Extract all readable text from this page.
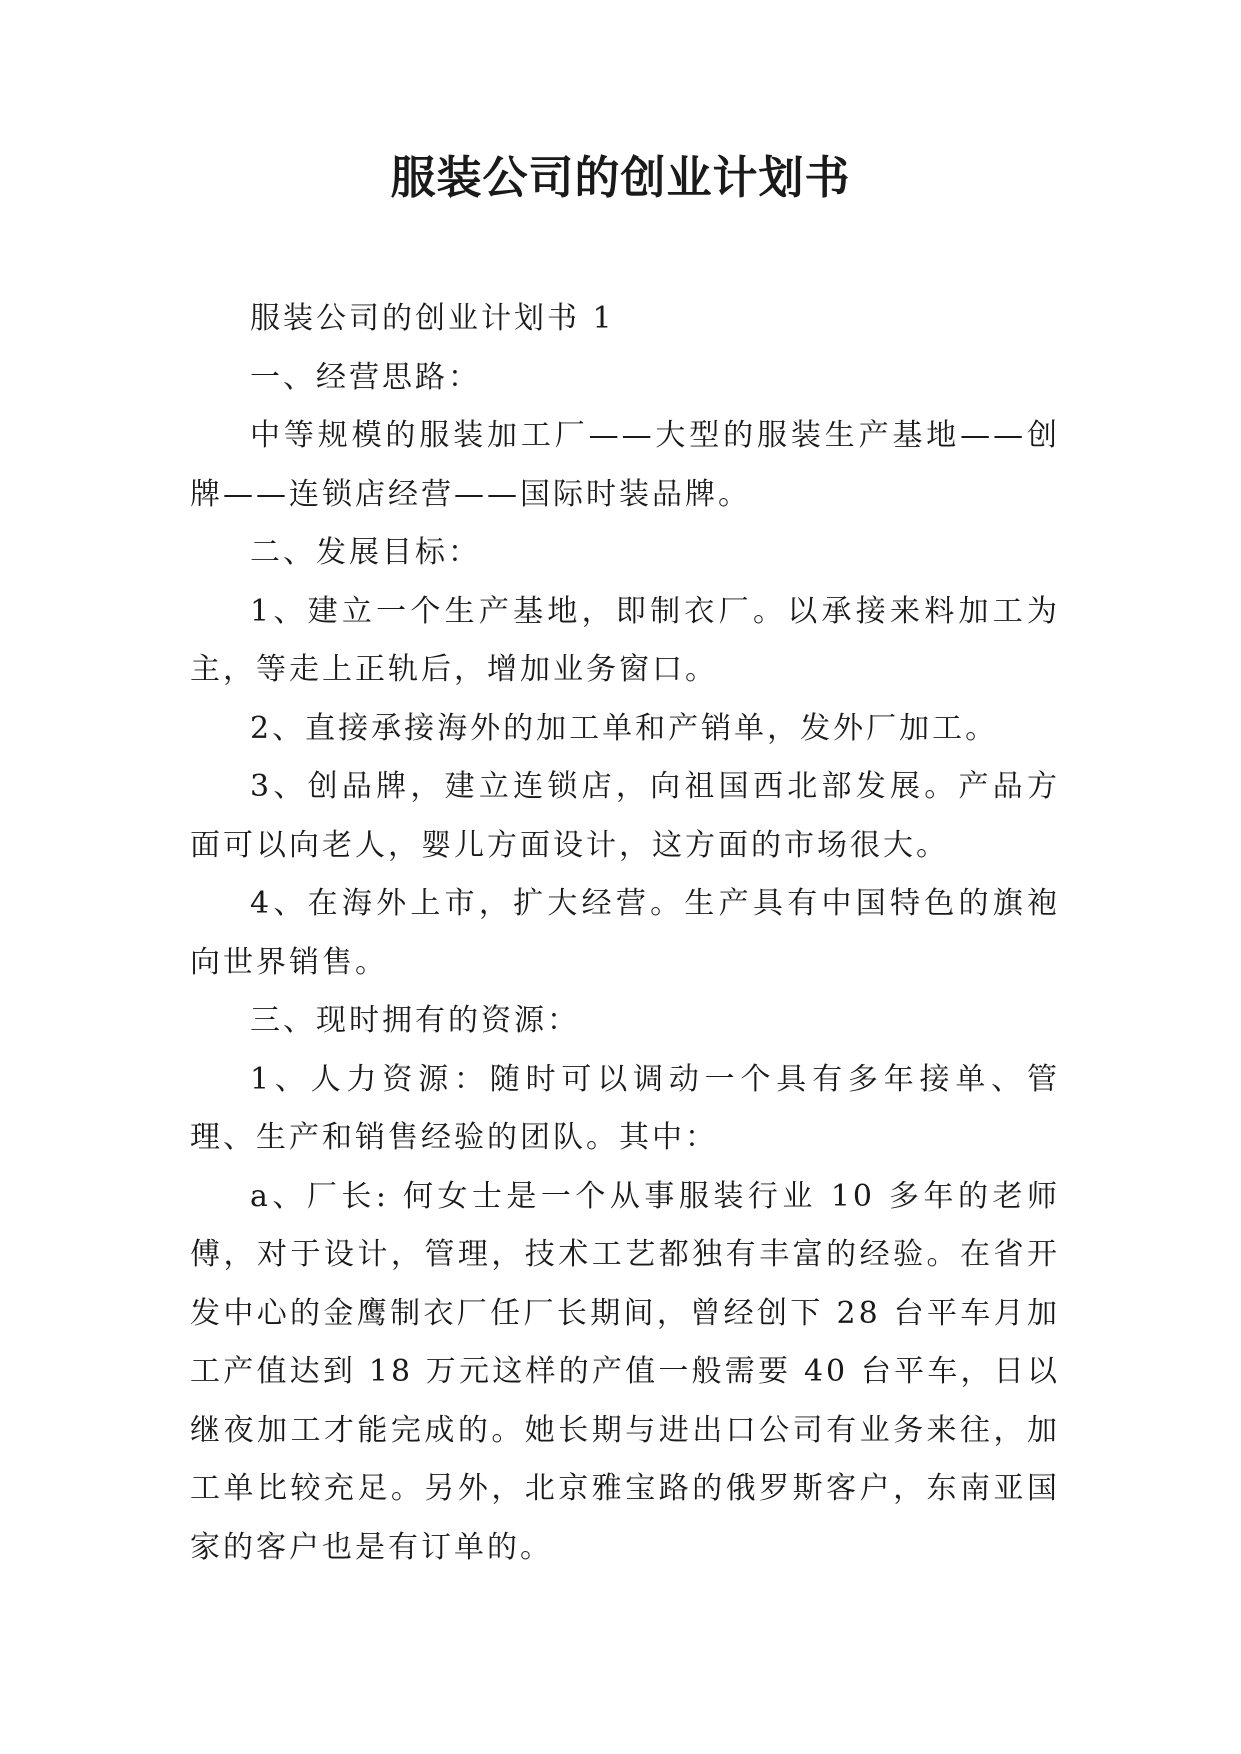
服装公司的创业计划书

服装公司的创业计划书 1

一、经营思路：

中等规模的服装加工厂——大型的服装生产基地——创牌——连锁店经营——国际时装品牌。

二、发展目标：

1、建立一个生产基地，即制衣厂。以承接来料加工为主，等走上正轨后，增加业务窗口。

2、直接承接海外的加工单和产销单，发外厂加工。

3、创品牌，建立连锁店，向祖国西北部发展。产品方面可以向老人，婴儿方面设计，这方面的市场很大。

4、在海外上市，扩大经营。生产具有中国特色的旗袍向世界销售。

三、现时拥有的资源：

1、人力资源：随时可以调动一个具有多年接单、管理、生产和销售经验的团队。其中：

a、厂长: 何女士是一个从事服装行业 10 多年的老师傅，对于设计，管理，技术工艺都独有丰富的经验。在省开发中心的金鹰制衣厂任厂长期间，曾经创下 28 台平车月加工产值达到 18 万元这样的产值一般需要 40 台平车，日以继夜加工才能完成的。她长期与进出口公司有业务来往，加工单比较充足。另外，北京雅宝路的俄罗斯客户，东南亚国家的客户也是有订单的。
